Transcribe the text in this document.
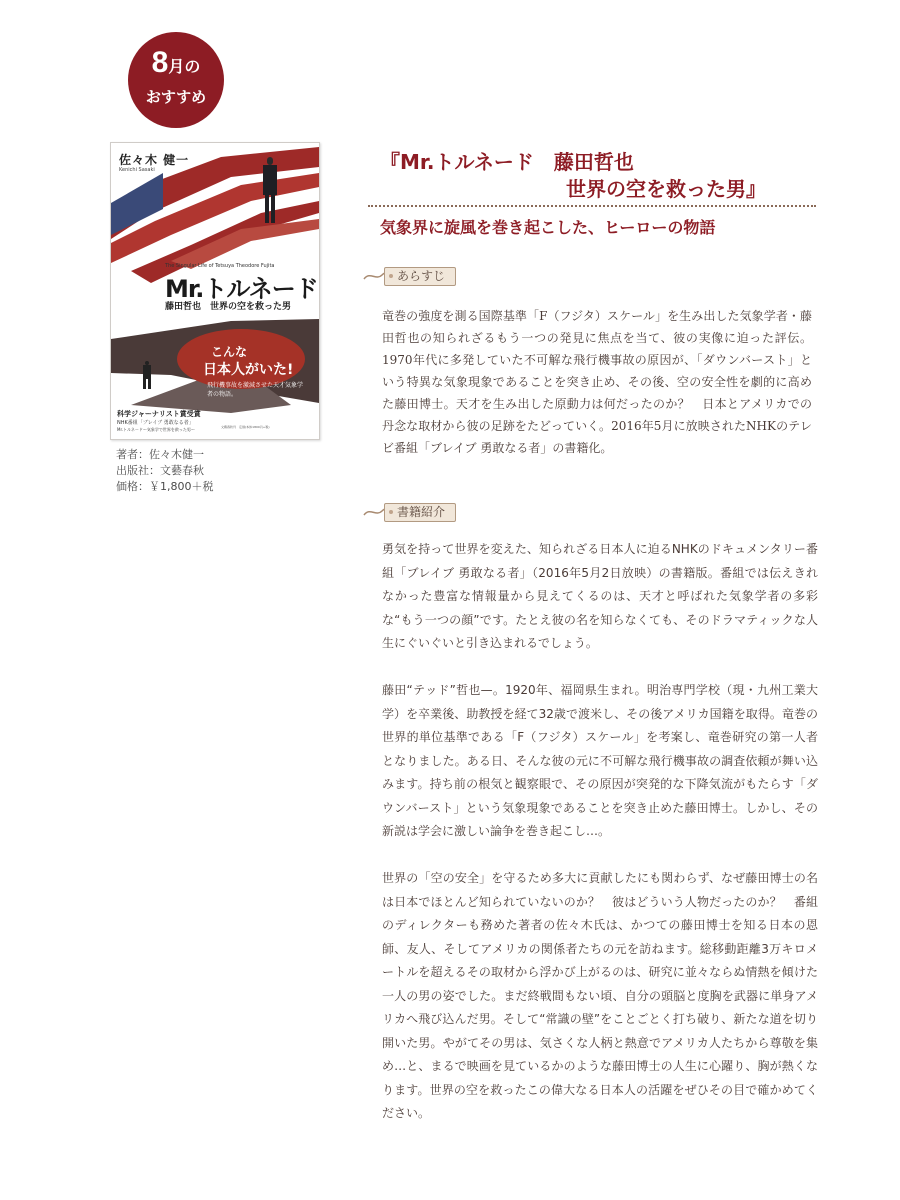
8月の
おすすめ
佐々木 健一
Kenichi Sasaki
The Singular Life of Tetsuya Theodore Fujita
Mr.トルネード
藤田哲也　世界の空を救った男
こんな
日本人がいた!
飛行機事故を激減させた天才気象学者の物語。
科学ジャーナリスト賞受賞
NHK番組「ブレイブ 勇敢なる者」
Mr.トルネード〜気象学で世界を救った男〜	文藝春秋刊　定価(本体1800円+税)
著者：佐々木健一
出版社：文藝春秋
価格：￥1,800＋税
『Mr.トルネード　藤田哲也
世界の空を救った男』
気象界に旋風を巻き起こした、ヒーローの物語
あらすじ

竜巻の強度を測る国際基準「F（フジタ）スケール」を生み出した気象学者・藤田哲也の知られざるもう一つの発見に焦点を当て、彼の実像に迫った評伝。1970年代に多発していた不可解な飛行機事故の原因が、「ダウンバースト」という特異な気象現象であることを突き止め、その後、空の安全性を劇的に高めた藤田博士。天才を生み出した原動力は何だったのか？　日本とアメリカでの丹念な取材から彼の足跡をたどっていく。2016年5月に放映されたNHKのテレビ番組「ブレイブ 勇敢なる者」の書籍化。

書籍紹介

勇気を持って世界を変えた、知られざる日本人に迫るNHKのドキュメンタリー番組「ブレイブ 勇敢なる者」（2016年5月2日放映）の書籍版。番組では伝えきれなかった豊富な情報量から見えてくるのは、天才と呼ばれた気象学者の多彩な“もう一つの顔”です。たとえ彼の名を知らなくても、そのドラマティックな人生にぐいぐいと引き込まれるでしょう。

藤田“テッド”哲也—。1920年、福岡県生まれ。明治専門学校（現・九州工業大学）を卒業後、助教授を経て32歳で渡米し、その後アメリカ国籍を取得。竜巻の世界的単位基準である「F（フジタ）スケール」を考案し、竜巻研究の第一人者となりました。ある日、そんな彼の元に不可解な飛行機事故の調査依頼が舞い込みます。持ち前の根気と観察眼で、その原因が突発的な下降気流がもたらす「ダウンバースト」という気象現象であることを突き止めた藤田博士。しかし、その新説は学会に激しい論争を巻き起こし…。

世界の「空の安全」を守るため多大に貢献したにも関わらず、なぜ藤田博士の名は日本でほとんど知られていないのか？　彼はどういう人物だったのか？　番組のディレクターも務めた著者の佐々木氏は、かつての藤田博士を知る日本の恩師、友人、そしてアメリカの関係者たちの元を訪ねます。総移動距離3万キロメートルを超えるその取材から浮かび上がるのは、研究に並々ならぬ情熱を傾けた一人の男の姿でした。まだ終戦間もない頃、自分の頭脳と度胸を武器に単身アメリカへ飛び込んだ男。そして“常識の壁”をことごとく打ち破り、新たな道を切り開いた男。やがてその男は、気さくな人柄と熱意でアメリカ人たちから尊敬を集め…と、まるで映画を見ているかのような藤田博士の人生に心躍り、胸が熱くなります。世界の空を救ったこの偉大なる日本人の活躍をぜひその目で確かめてください。
